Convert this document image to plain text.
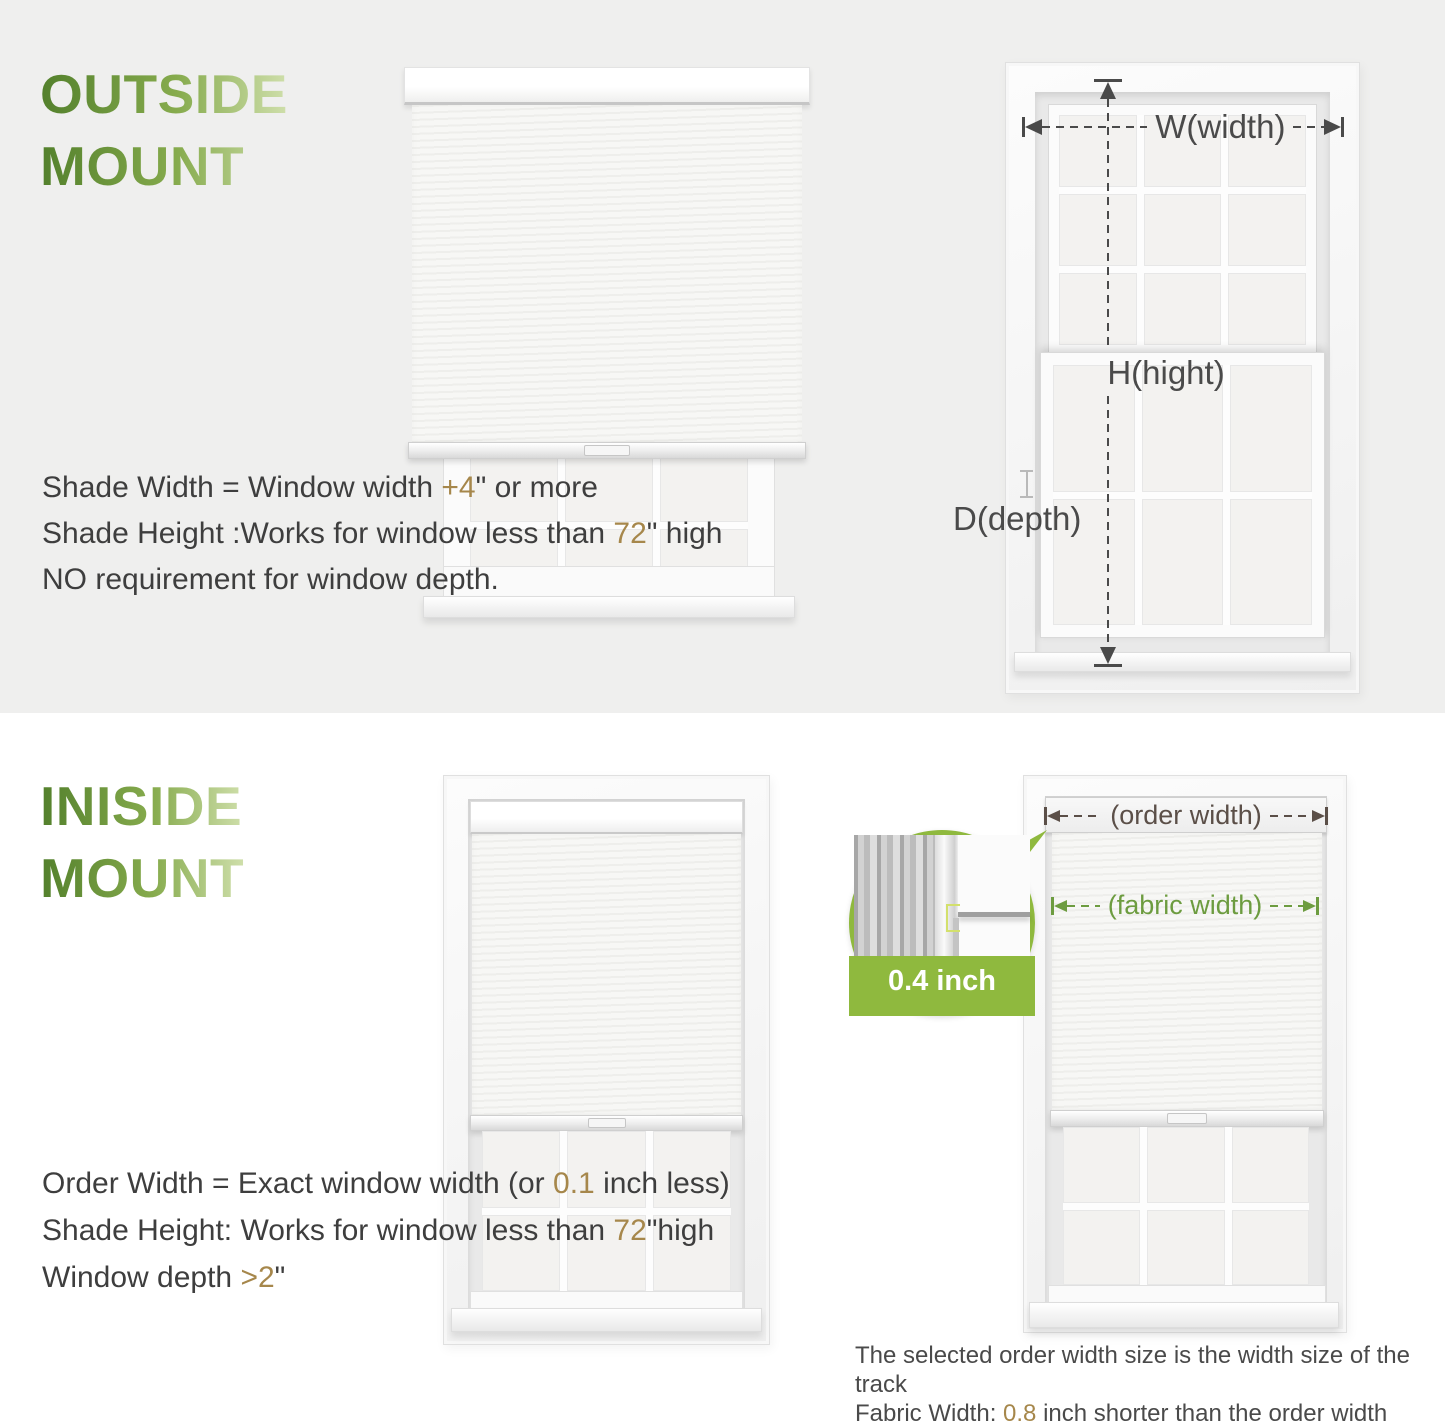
OUTSIDE
MOUNT
Shade Width = Window width +4" or more
Shade Height :Works for window less than 72" high
NO requirement for window depth.
W(width)
H(hight)
D(depth)
INISIDE
MOUNT
Order Width = Exact window width (or 0.1 inch less)
Shade Height: Works for window less than 72"high
Window depth >2"
(order width)
(fabric width)
0.4 inch
The selected order width size is the width size of the track
Fabric Width: 0.8 inch shorter than the order width
